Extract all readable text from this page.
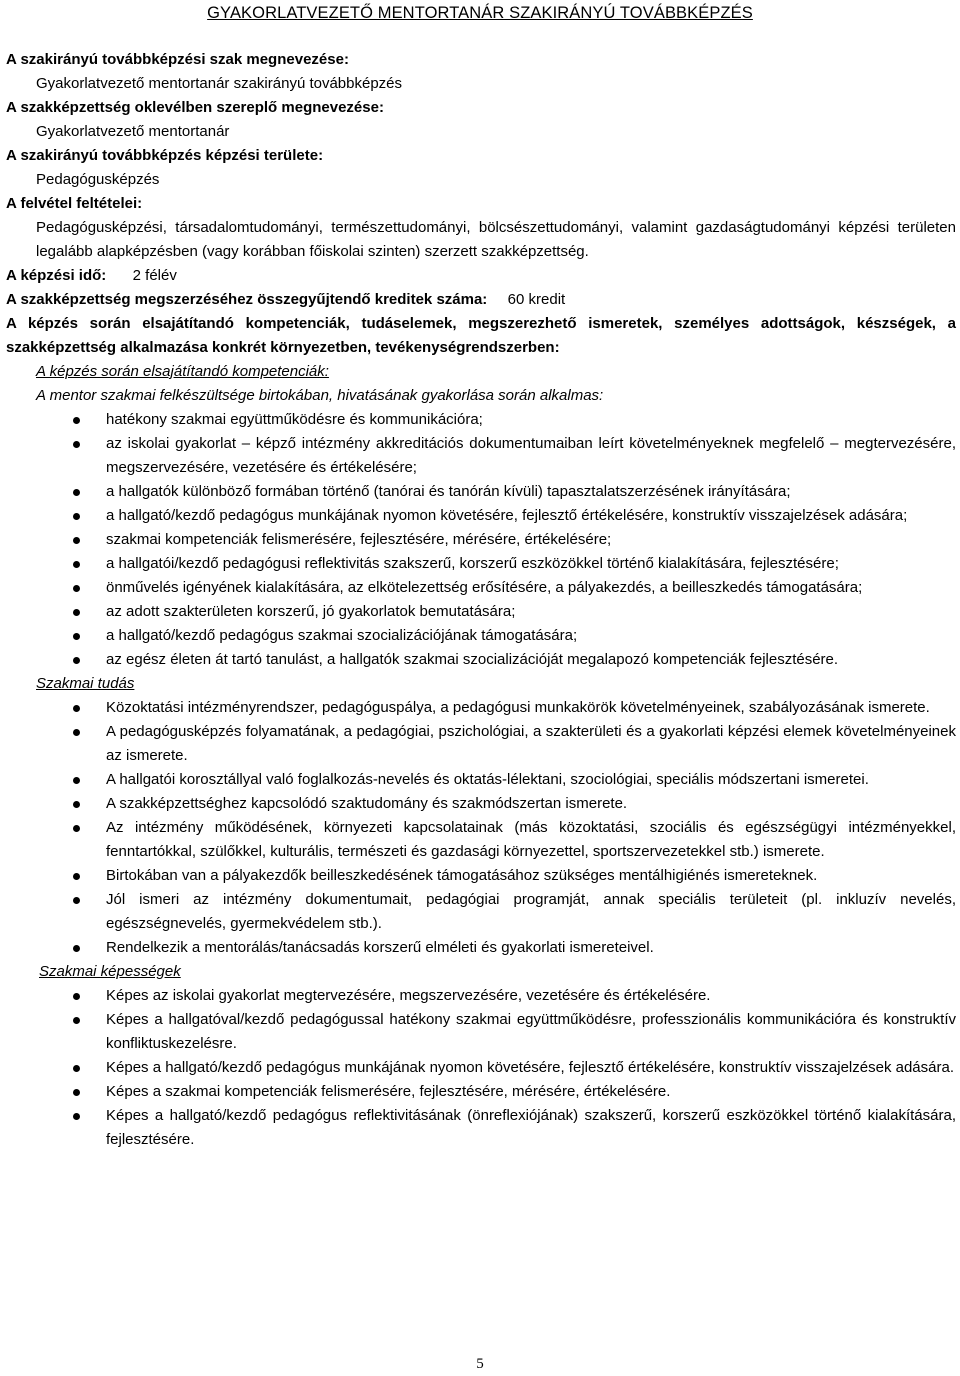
GYAKORLATVEZETŐ MENTORTANÁR SZAKIRÁNYÚ TOVÁBBKÉPZÉS

A szakirányú továbbképzési szak megnevezése:

Gyakorlatvezető mentortanár szakirányú továbbképzés

A szakképzettség oklevélben szereplő megnevezése:

Gyakorlatvezető mentortanár

A szakirányú továbbképzés képzési területe:

Pedagógusképzés

A felvétel feltételei:

Pedagógusképzési, társadalomtudományi, természettudományi, bölcsészettudományi, valamint gazdaságtudományi képzési területen legalább alapképzésben (vagy korábban főiskolai szinten) szerzett szakképzettség.

A képzési idő: 2 félév

A szakképzettség megszerzéséhez összegyűjtendő kreditek száma: 60 kredit

A képzés során elsajátítandó kompetenciák, tudáselemek, megszerezhető ismeretek, személyes adottságok, készségek, a szakképzettség alkalmazása konkrét környezetben, tevékenységrendszerben:

A képzés során elsajátítandó kompetenciák:

A mentor szakmai felkészültsége birtokában, hivatásának gyakorlása során alkalmas:

hatékony szakmai együttműködésre és kommunikációra;
az iskolai gyakorlat – képző intézmény akkreditációs dokumentumaiban leírt követelményeknek megfelelő – megtervezésére, megszervezésére, vezetésére és értékelésére;
a hallgatók különböző formában történő (tanórai és tanórán kívüli) tapasztalatszerzésének irányítására;
a hallgató/kezdő pedagógus munkájának nyomon követésére, fejlesztő értékelésére, konstruktív visszajelzések adására;
szakmai kompetenciák felismerésére, fejlesztésére, mérésére, értékelésére;
a hallgatói/kezdő pedagógusi reflektivitás szakszerű, korszerű eszközökkel történő kialakítására, fejlesztésére;
önművelés igényének kialakítására, az elkötelezettség erősítésére, a pályakezdés, a beilleszkedés támogatására;
az adott szakterületen korszerű, jó gyakorlatok bemutatására;
a hallgató/kezdő pedagógus szakmai szocializációjának támogatására;
az egész életen át tartó tanulást, a hallgatók szakmai szocializációját megalapozó kompetenciák fejlesztésére.

Szakmai tudás

Közoktatási intézményrendszer, pedagóguspálya, a pedagógusi munkakörök követelményeinek, szabályozásának ismerete.
A pedagógusképzés folyamatának, a pedagógiai, pszichológiai, a szakterületi és a gyakorlati képzési elemek követelményeinek az ismerete.
A hallgatói korosztállyal való foglalkozás-nevelés és oktatás-lélektani, szociológiai, speciális módszertani ismeretei.
A szakképzettséghez kapcsolódó szaktudomány és szakmódszertan ismerete.
Az intézmény működésének, környezeti kapcsolatainak (más közoktatási, szociális és egészségügyi intézményekkel, fenntartókkal, szülőkkel, kulturális, természeti és gazdasági környezettel, sportszervezetekkel stb.) ismerete.
Birtokában van a pályakezdők beilleszkedésének támogatásához szükséges mentálhigiénés ismereteknek.
Jól ismeri az intézmény dokumentumait, pedagógiai programját, annak speciális területeit (pl. inkluzív nevelés, egészségnevelés, gyermekvédelem stb.).
Rendelkezik a mentorálás/tanácsadás korszerű elméleti és gyakorlati ismereteivel.

Szakmai képességek

Képes az iskolai gyakorlat megtervezésére, megszervezésére, vezetésére és értékelésére.
Képes a hallgatóval/kezdő pedagógussal hatékony szakmai együttműködésre, professzionális kommunikációra és konstruktív konfliktuskezelésre.
Képes a hallgató/kezdő pedagógus munkájának nyomon követésére, fejlesztő értékelésére, konstruktív visszajelzések adására.
Képes a szakmai kompetenciák felismerésére, fejlesztésére, mérésére, értékelésére.
Képes a hallgató/kezdő pedagógus reflektivitásának (önreflexiójának) szakszerű, korszerű eszközökkel történő kialakítására, fejlesztésére.
5
